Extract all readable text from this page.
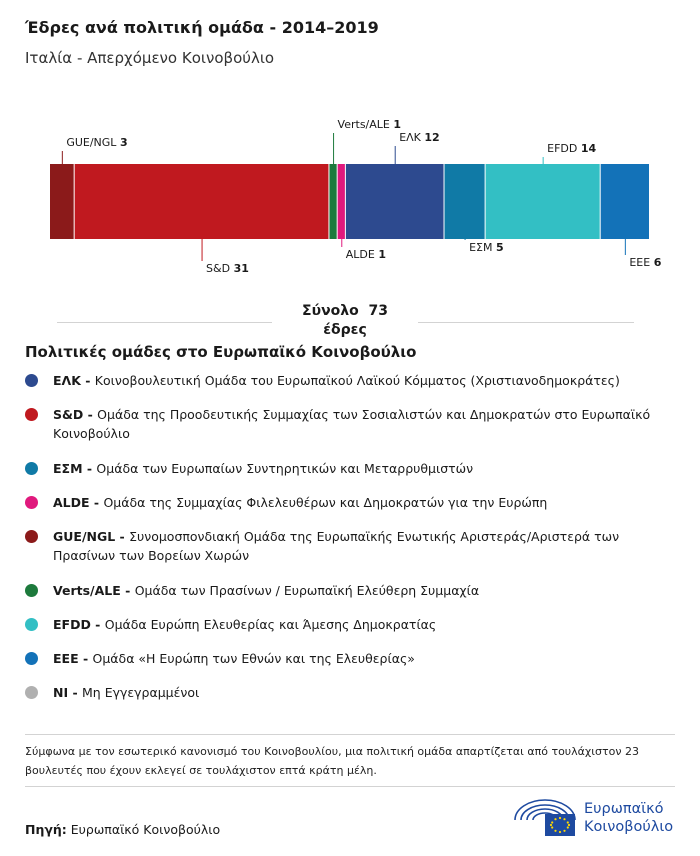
Έδρες ανά πολιτική ομάδα - 2014–2019

Ιταλία - Απερχόμενο Κοινοβούλιο

GUE/NGL 3
S&D 31
Verts/ALE 1
ALDE 1
ΕΛΚ 12
ΕΣΜ 5
EFDD 14
ΕΕΕ 6
Σύνολο 73
έδρες
Πολιτικές ομάδες στο Ευρωπαϊκό Κοινοβούλιο
ΕΛΚ - Κοινοβουλευτική Ομάδα του Ευρωπαϊκού Λαϊκού Κόμματος (Χριστιανοδημοκράτες)
S&D - Ομάδα της Προοδευτικής Συμμαχίας των Σοσιαλιστών και Δημοκρατών στο Ευρωπαϊκό Κοινοβούλιο
ΕΣΜ - Ομάδα των Ευρωπαίων Συντηρητικών και Μεταρρυθμιστών
ALDE - Ομάδα της Συμμαχίας Φιλελευθέρων και Δημοκρατών για την Ευρώπη
GUE/NGL - Συνομοσπονδιακή Ομάδα της Ευρωπαϊκής Ενωτικής Αριστεράς/Αριστερά των Πρασίνων των Βορείων Χωρών
Verts/ALE - Ομάδα των Πρασίνων / Ευρωπαϊκή Ελεύθερη Συμμαχία
EFDD - Ομάδα Ευρώπη Ελευθερίας και Άμεσης Δημοκρατίας
ΕΕΕ - Ομάδα «Η Ευρώπη των Εθνών και της Ελευθερίας»
NI - Μη Εγγεγραμμένοι

Σύμφωνα με τον εσωτερικό κανονισμό του Κοινοβουλίου, μια πολιτική ομάδα απαρτίζεται από τουλάχιστον 23 βουλευτές που έχουν εκλεγεί σε τουλάχιστον επτά κράτη μέλη.

Πηγή: Ευρωπαϊκό Κοινοβούλιο
Ευρωπαϊκό
Κοινοβούλιο
